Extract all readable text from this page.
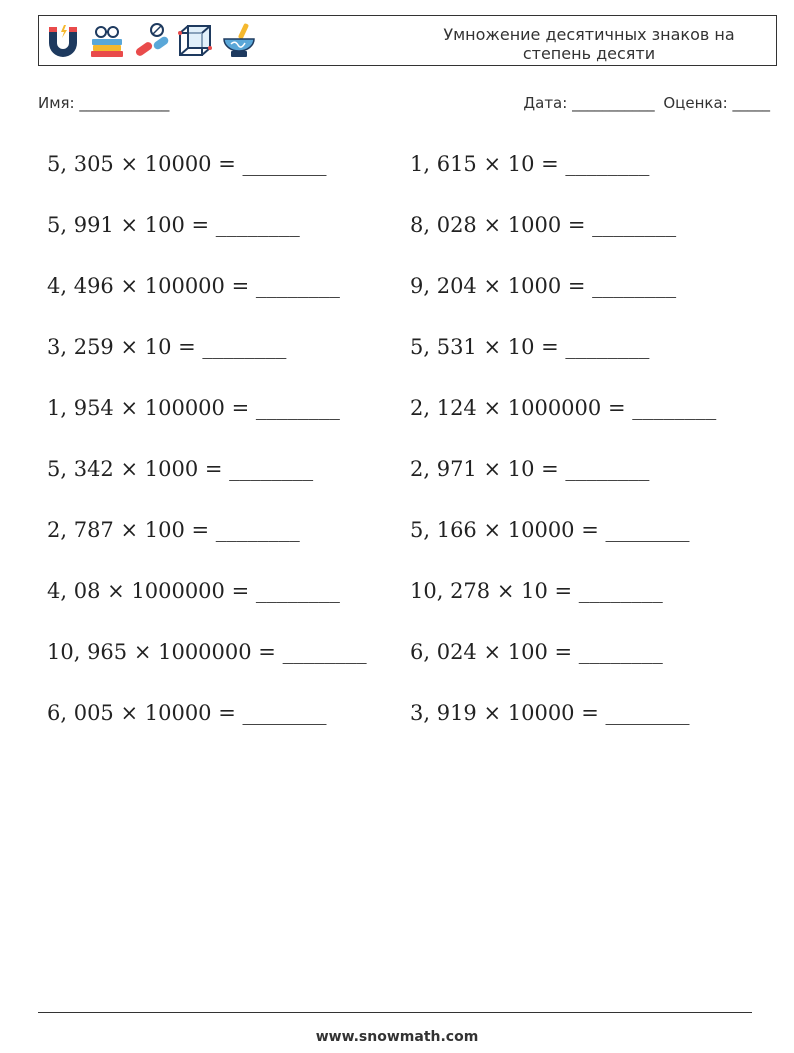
Умножение десятичных знаков на
степень десяти
Имя: ____________	Дата: ___________ Оценка: _____
5, 305 × 10000 = ________
5, 991 × 100 = ________
4, 496 × 100000 = ________
3, 259 × 10 = ________
1, 954 × 100000 = ________
5, 342 × 1000 = ________
2, 787 × 100 = ________
4, 08 × 1000000 = ________
10, 965 × 1000000 = ________
6, 005 × 10000 = ________
1, 615 × 10 = ________
8, 028 × 1000 = ________
9, 204 × 1000 = ________
5, 531 × 10 = ________
2, 124 × 1000000 = ________
2, 971 × 10 = ________
5, 166 × 10000 = ________
10, 278 × 10 = ________
6, 024 × 100 = ________
3, 919 × 10000 = ________
www.snowmath.com
